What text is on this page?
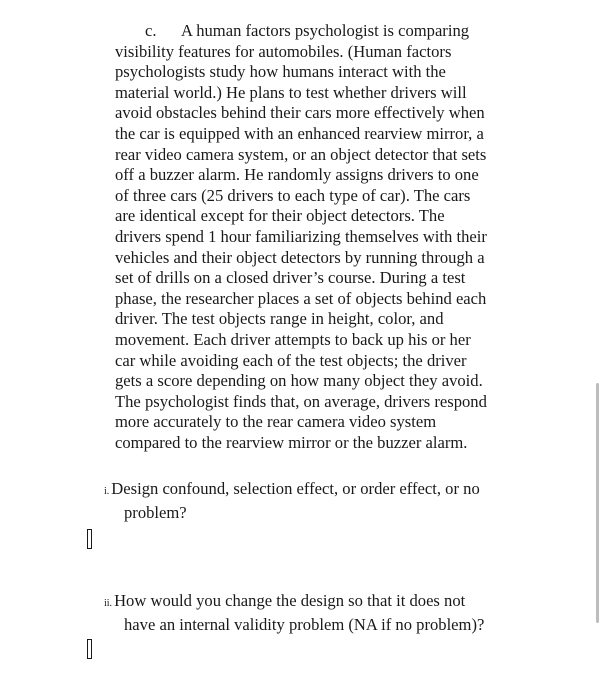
c. A human factors psychologist is comparing
visibility features for automobiles. (Human factors
psychologists study how humans interact with the
material world.) He plans to test whether drivers will
avoid obstacles behind their cars more effectively when
the car is equipped with an enhanced rearview mirror, a
rear video camera system, or an object detector that sets
off a buzzer alarm. He randomly assigns drivers to one
of three cars (25 drivers to each type of car). The cars
are identical except for their object detectors. The
drivers spend 1 hour familiarizing themselves with their
vehicles and their object detectors by running through a
set of drills on a closed driver’s course. During a test
phase, the researcher places a set of objects behind each
driver. The test objects range in height, color, and
movement. Each driver attempts to back up his or her
car while avoiding each of the test objects; the driver
gets a score depending on how many object they avoid.
The psychologist finds that, on average, drivers respond
more accurately to the rear camera video system
compared to the rearview mirror or the buzzer alarm.
i. Design confound, selection effect, or order effect, or no
problem?
ii. How would you change the design so that it does not
have an internal validity problem (NA if no problem)?
